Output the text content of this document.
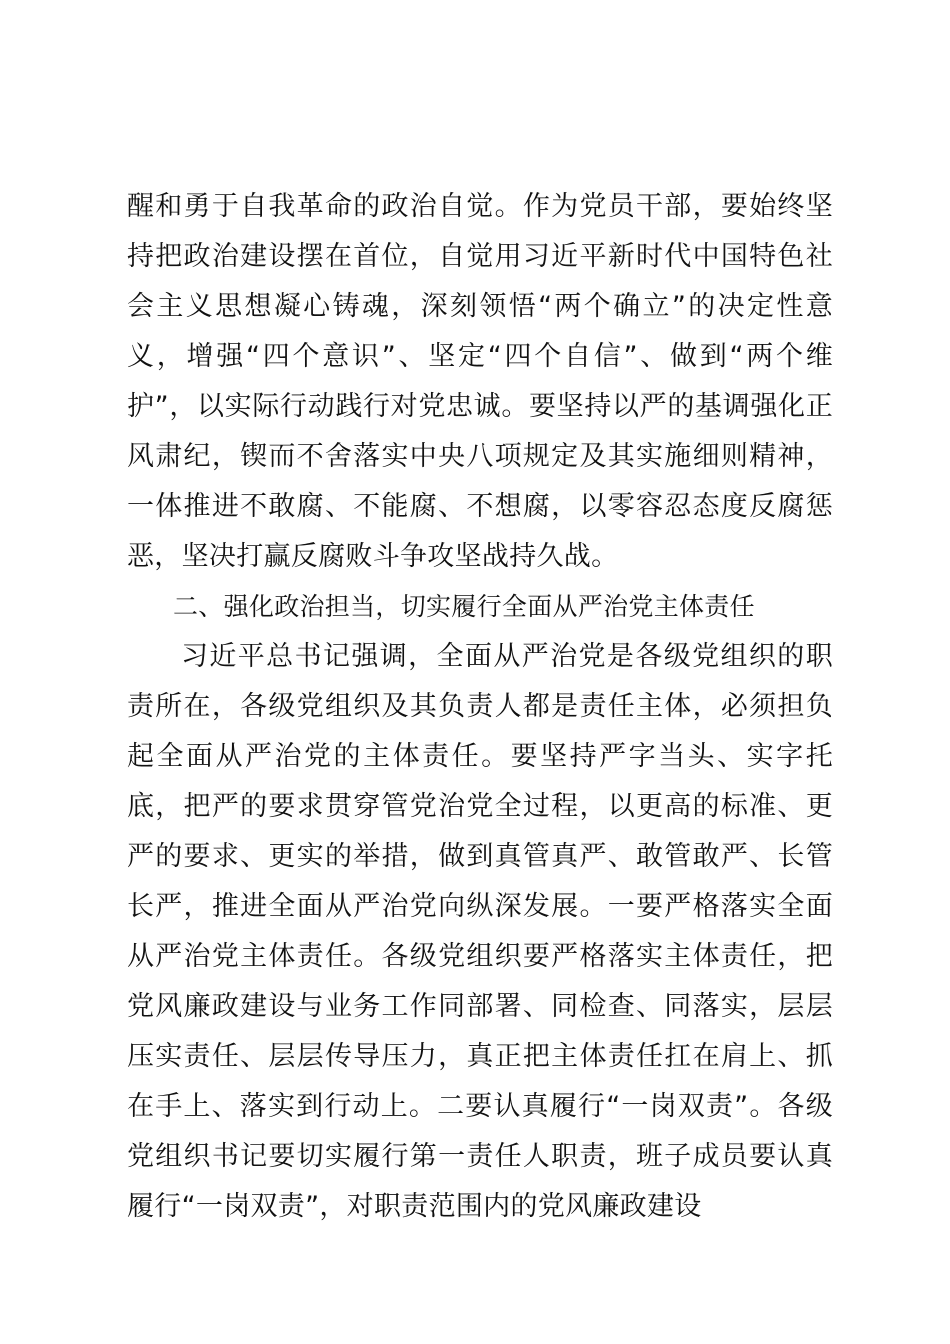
醒和勇于自我革命的政治自觉。作为党员干部，要始终坚持把政治建设摆在首位，自觉用习近平新时代中国特色社会主义思想凝心铸魂，深刻领悟“两个确立”的决定性意义，增强“四个意识”、坚定“四个自信”、做到“两个维护”，以实际行动践行对党忠诚。要坚持以严的基调强化正风肃纪，锲而不舍落实中央八项规定及其实施细则精神，一体推进不敢腐、不能腐、不想腐，以零容忍态度反腐惩恶，坚决打赢反腐败斗争攻坚战持久战。

二、强化政治担当，切实履行全面从严治党主体责任

习近平总书记强调，全面从严治党是各级党组织的职责所在，各级党组织及其负责人都是责任主体，必须担负起全面从严治党的主体责任。要坚持严字当头、实字托底，把严的要求贯穿管党治党全过程，以更高的标准、更严的要求、更实的举措，做到真管真严、敢管敢严、长管长严，推进全面从严治党向纵深发展。一要严格落实全面从严治党主体责任。各级党组织要严格落实主体责任，把党风廉政建设与业务工作同部署、同检查、同落实，层层压实责任、层层传导压力，真正把主体责任扛在肩上、抓在手上、落实到行动上。二要认真履行“一岗双责”。各级党组织书记要切实履行第一责任人职责，班子成员要认真履行“一岗双责”，对职责范围内的党风廉政建设
